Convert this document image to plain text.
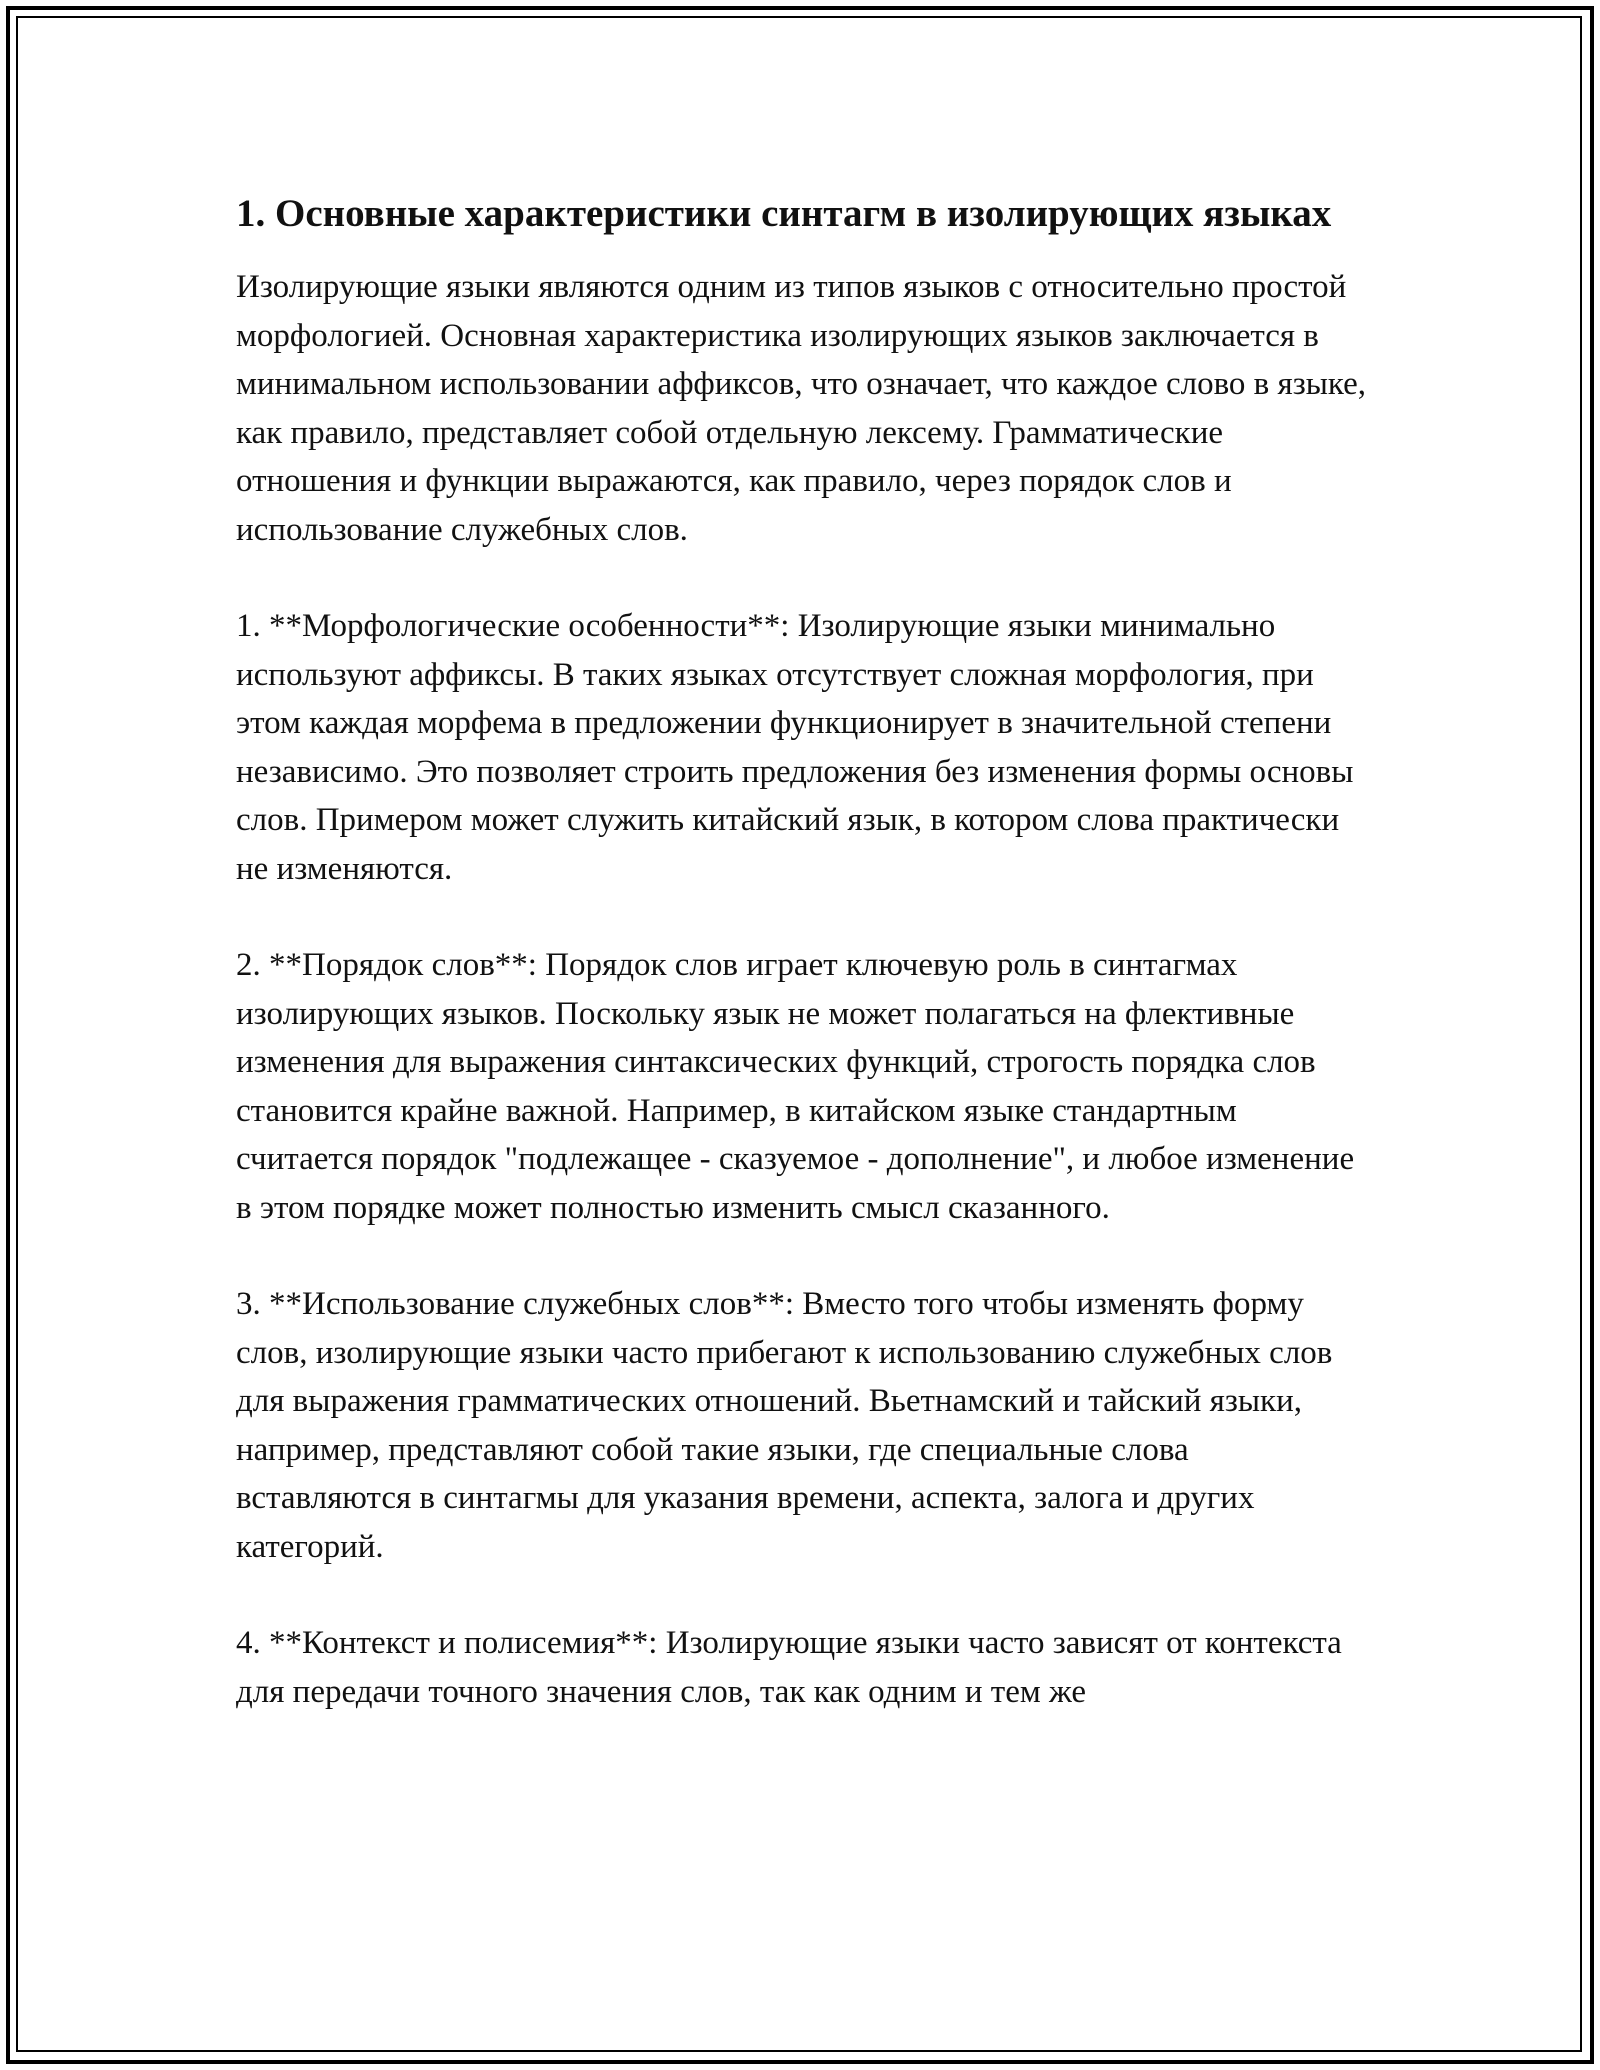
1. Основные характеристики синтагм в изолирующих языках

Изолирующие языки являются одним из типов языков с относительно простой морфологией. Основная характеристика изолирующих языков заключается в минимальном использовании аффиксов, что означает, что каждое слово в языке, как правило, представляет собой отдельную лексему. Грамматические отношения и функции выражаются, как правило, через порядок слов и использование служебных слов.

1. **Морфологические особенности**: Изолирующие языки минимально используют аффиксы. В таких языках отсутствует сложная морфология, при этом каждая морфема в предложении функционирует в значительной степени независимо. Это позволяет строить предложения без изменения формы основы слов. Примером может служить китайский язык, в котором слова практически не изменяются.

2. **Порядок слов**: Порядок слов играет ключевую роль в синтагмах изолирующих языков. Поскольку язык не может полагаться на флективные изменения для выражения синтаксических функций, строгость порядка слов становится крайне важной. Например, в китайском языке стандартным считается порядок "подлежащее - сказуемое - дополнение", и любое изменение в этом порядке может полностью изменить смысл сказанного.

3. **Использование служебных слов**: Вместо того чтобы изменять форму слов, изолирующие языки часто прибегают к использованию служебных слов для выражения грамматических отношений. Вьетнамский и тайский языки, например, представляют собой такие языки, где специальные слова вставляются в синтагмы для указания времени, аспекта, залога и других категорий.

4. **Контекст и полисемия**: Изолирующие языки часто зависят от контекста для передачи точного значения слов, так как одним и тем же
